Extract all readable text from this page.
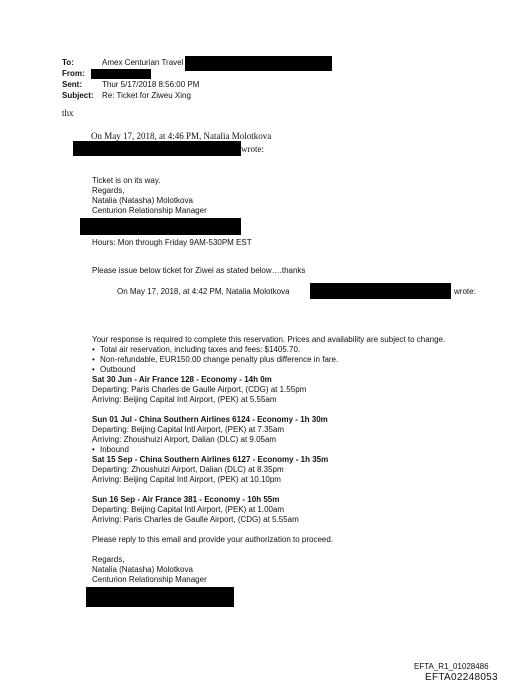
To:	Amex Centurian Travel
From:
Sent:	Thur 5/17/2018 8:56:00 PM
Subject: Re: Ticket for Ziweu Xing
thx
On May 17, 2018, at 4:46 PM, Natalia Molotkova
wrote:
Ticket is on its way.
Regards,
Natalia (Natasha) Molotkova
Centurion Relationship Manager
Hours: Mon through Friday 9AM-530PM EST
Please issue below ticket for Ziwei as stated below….thanks
On May 17, 2018, at 4:42 PM, Natalia Molotkova	wrote:
Your response is required to complete this reservation. Prices and availability are subject to change.
• Total air reservation, including taxes and fees: $1405.70.
• Non-refundable, EUR150.00 change penalty plus difference in fare.
• Outbound
Sat 30 Jun - Air France 128 - Economy - 14h 0m
Departing: Paris Charles de Gaulle Airport, (CDG) at 1.55pm
Arriving: Beijing Capital Intl Airport, (PEK) at 5.55am
Sun 01 Jul - China Southern Airlines 6124 - Economy - 1h 30m
Departing: Beijing Capital Intl Airport, (PEK) at 7.35am
Arriving: Zhoushuizi Airport, Dalian (DLC) at 9.05am
• Inbound
Sat 15 Sep - China Southern Airlines 6127 - Economy - 1h 35m
Departing: Zhoushuizi Airport, Dalian (DLC) at 8.35pm
Arriving: Beijing Capital Intl Airport, (PEK) at 10.10pm
Sun 16 Sep - Air France 381 - Economy - 10h 55m
Departing: Beijing Capital Intl Airport, (PEK) at 1.00am
Arriving: Paris Charles de Gaulle Airport, (CDG) at 5.55am
Please reply to this email and provide your authorization to proceed.
Regards,
Natalia (Natasha) Molotkova
Centurion Relationship Manager
EFTA_R1_01028486
EFTA02248053
